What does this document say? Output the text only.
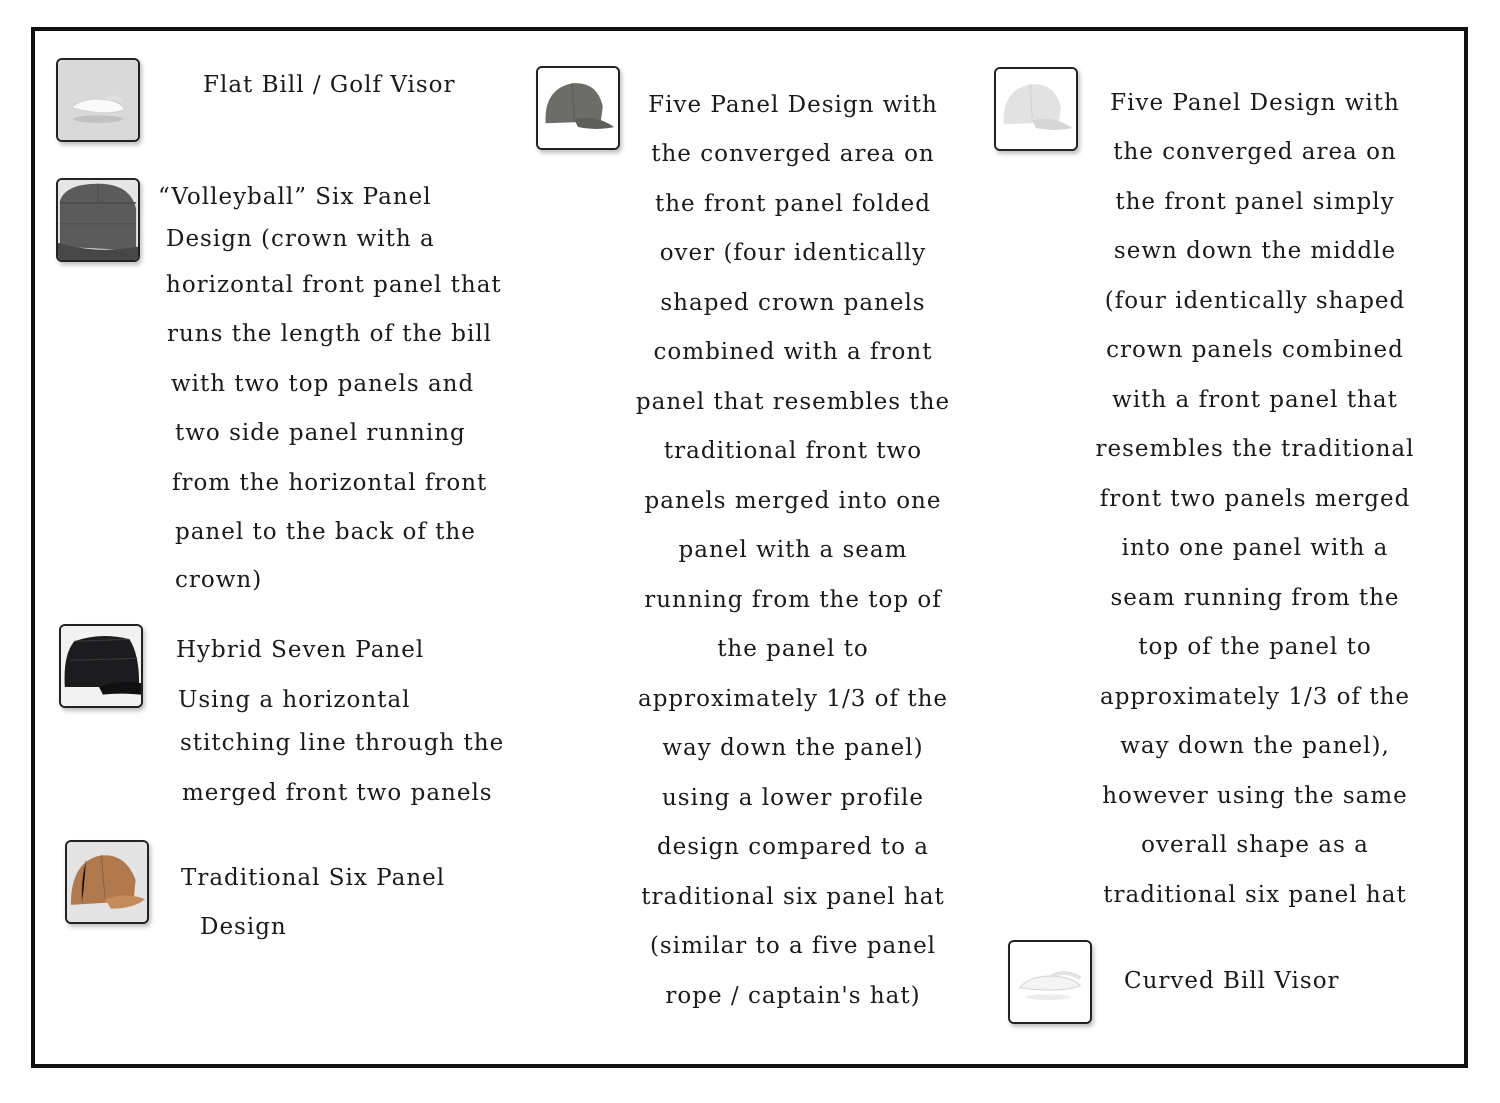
Flat Bill / Golf Visor
“Volleyball” Six Panel
Design (crown with a
horizontal front panel that
runs the length of the bill
with two top panels and
two side panel running
from the horizontal front
panel to the back of the
crown)
Hybrid Seven Panel
Using a horizontal
stitching line through the
merged front two panels
Traditional Six Panel
Design
Five Panel Design with
the converged area on
the front panel folded
over (four identically
shaped crown panels
combined with a front
panel that resembles the
traditional front two
panels merged into one
panel with a seam
running from the top of
the panel to
approximately 1/3 of the
way down the panel)
using a lower profile
design compared to a
traditional six panel hat
(similar to a five panel
rope / captain's hat)
Five Panel Design with
the converged area on
the front panel simply
sewn down the middle
(four identically shaped
crown panels combined
with a front panel that
resembles the traditional
front two panels merged
into one panel with a
seam running from the
top of the panel to
approximately 1/3 of the
way down the panel),
however using the same
overall shape as a
traditional six panel hat
Curved Bill Visor
